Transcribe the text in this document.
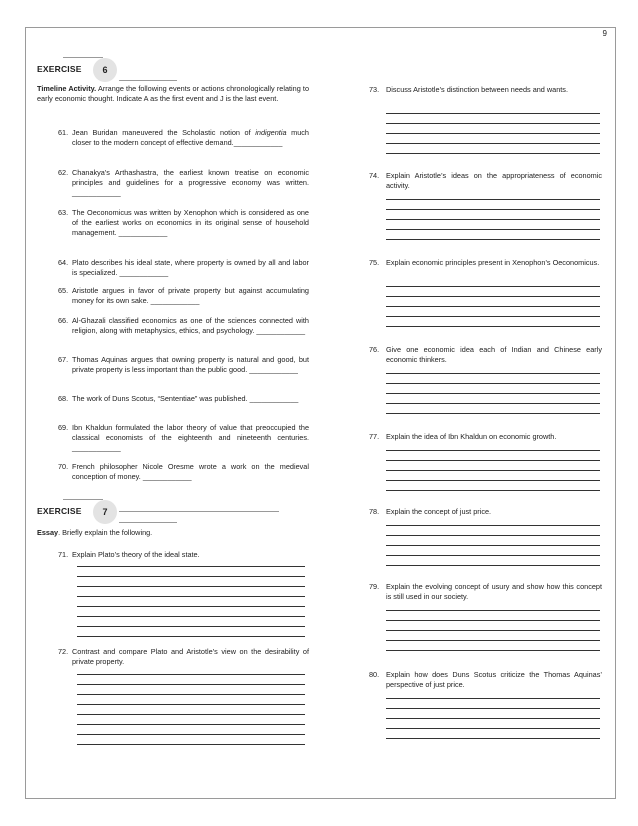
9
EXERCISE	6
Timeline Activity. Arrange the following events or actions chronologically relating to early economic thought. Indicate A as the first event and J is the last event.
61. Jean Buridan maneuvered the Scholastic notion of indigentia much closer to the modern concept of effective demand.____________
62. Chanakya's Arthashastra, the earliest known treatise on economic principles and guidelines for a progressive economy was written. ____________
63. The Oeconomicus was written by Xenophon which is considered as one of the earliest works on economics in its original sense of household management. ____________
64. Plato describes his ideal state, where property is owned by all and labor is specialized. ____________
65. Aristotle argues in favor of private property but against accumulating money for its own sake. ____________
66. Al-Ghazali classified economics as one of the sciences connected with religion, along with metaphysics, ethics, and psychology. ____________
67. Thomas Aquinas argues that owning property is natural and good, but private property is less important than the public good. ____________
68. The work of Duns Scotus, “Sententiae” was published. ____________
69. Ibn Khaldun formulated the labor theory of value that preoccupied the classical economists of the eighteenth and nineteenth centuries. ____________
70. French philosopher Nicole Oresme wrote a work on the medieval conception of money. ____________
EXERCISE	7
Essay. Briefly explain the following.
71. Explain Plato’s theory of the ideal state.
72. Contrast and compare Plato and Aristotle’s view on the desirability of private property.
73. Discuss Aristotle’s distinction between needs and wants.
74. Explain Aristotle’s ideas on the appropriateness of economic activity.
75. Explain economic principles present in Xenophon’s Oeconomicus.
76. Give one economic idea each of Indian and Chinese early economic thinkers.
77. Explain the idea of Ibn Khaldun on economic growth.
78. Explain the concept of just price.
79. Explain the evolving concept of usury and show how this concept is still used in our society.
80. Explain how does Duns Scotus criticize the Thomas Aquinas’ perspective of just price.
